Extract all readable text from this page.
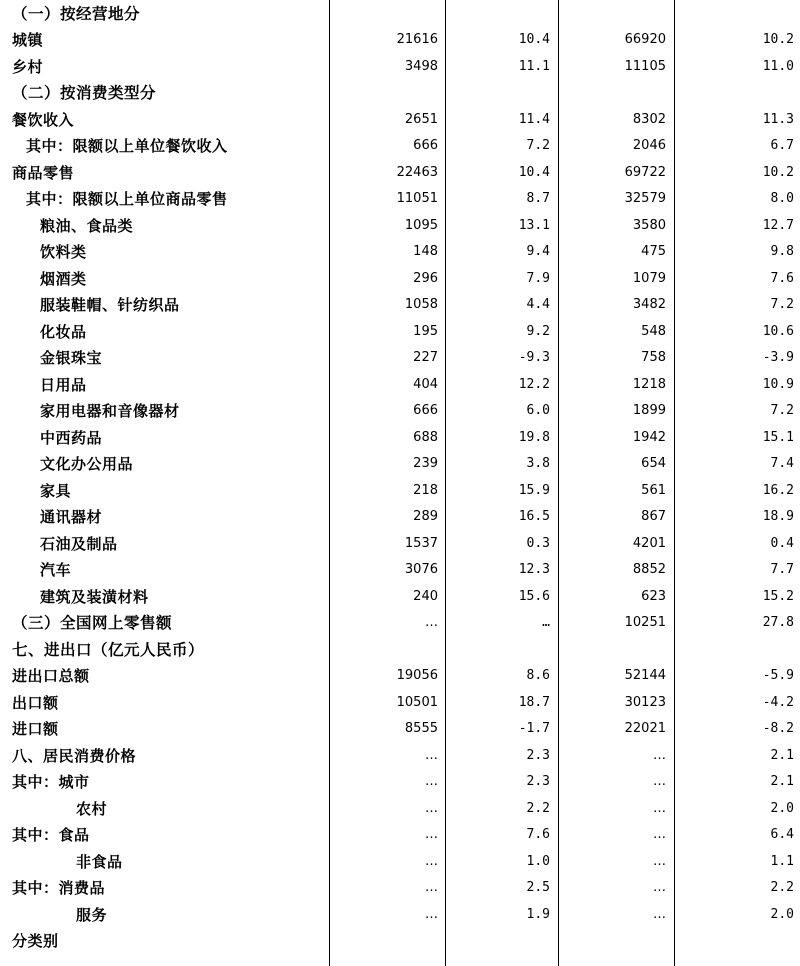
（一）按经营地分
城镇	21616	10.4	66920	10.2
乡村	3498	11.1	11105	11.0
（二）按消费类型分
餐饮收入	2651	11.4	8302	11.3
其中：限额以上单位餐饮收入	666	7.2	2046	6.7
商品零售	22463	10.4	69722	10.2
其中：限额以上单位商品零售	11051	8.7	32579	8.0
粮油、食品类	1095	13.1	3580	12.7
饮料类	148	9.4	475	9.8
烟酒类	296	7.9	1079	7.6
服装鞋帽、针纺织品	1058	4.4	3482	7.2
化妆品	195	9.2	548	10.6
金银珠宝	227	-9.3	758	-3.9
日用品	404	12.2	1218	10.9
家用电器和音像器材	666	6.0	1899	7.2
中西药品	688	19.8	1942	15.1
文化办公用品	239	3.8	654	7.4
家具	218	15.9	561	16.2
通讯器材	289	16.5	867	18.9
石油及制品	1537	0.3	4201	0.4
汽车	3076	12.3	8852	7.7
建筑及装潢材料	240	15.6	623	15.2
（三）全国网上零售额	…	…	10251	27.8
七、进出口（亿元人民币）
进出口总额	19056	8.6	52144	-5.9
出口额	10501	18.7	30123	-4.2
进口额	8555	-1.7	22021	-8.2
八、居民消费价格	…	2.3	…	2.1
其中：城市	…	2.3	…	2.1
农村	…	2.2	…	2.0
其中：食品	…	7.6	…	6.4
非食品	…	1.0	…	1.1
其中：消费品	…	2.5	…	2.2
服务	…	1.9	…	2.0
分类别
